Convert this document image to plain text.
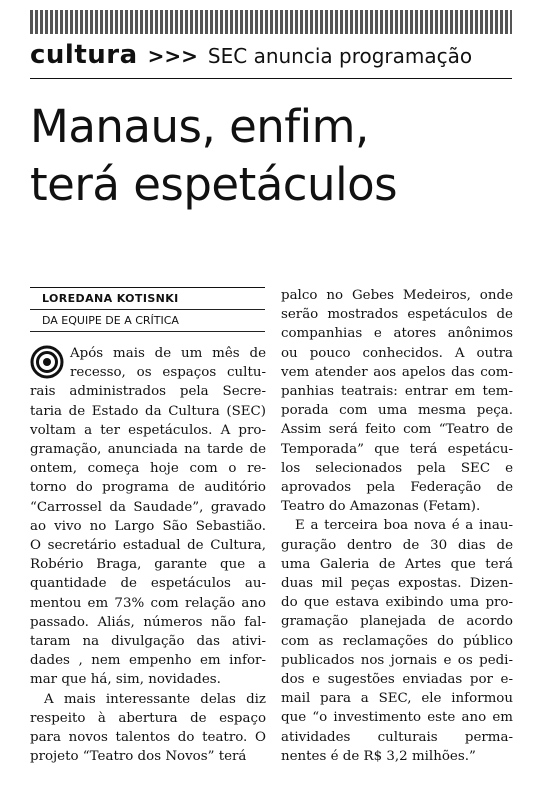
cultura >>> SEC anuncia programação
Manaus, enfim,
terá espetáculos
LOREDANA KOTISNKI
DA EQUIPE DE A CRÍTICA
Após mais de um mês de
recesso, os espaços cultu-
rais administrados pela Secre-
taria de Estado da Cultura (SEC)
voltam a ter espetáculos. A pro-
gramação, anunciada na tarde de
ontem, começa hoje com o re-
torno do programa de auditório
“Carrossel da Saudade”, gravado
ao vivo no Largo São Sebastião.
O secretário estadual de Cultura,
Robério Braga, garante que a
quantidade de espetáculos au-
mentou em 73% com relação ano
passado. Aliás, números não fal-
taram na divulgação das ativi-
dades , nem empenho em infor-
mar que há, sim, novidades.
A mais interessante delas diz
respeito à abertura de espaço
para novos talentos do teatro. O
projeto “Teatro dos Novos” terá
palco no Gebes Medeiros, onde
serão mostrados espetáculos de
companhias e atores anônimos
ou pouco conhecidos. A outra
vem atender aos apelos das com-
panhias teatrais: entrar em tem-
porada com uma mesma peça.
Assim será feito com “Teatro de
Temporada” que terá espetácu-
los selecionados pela SEC e
aprovados pela Federação de
Teatro do Amazonas (Fetam).
E a terceira boa nova é a inau-
guração dentro de 30 dias de
uma Galeria de Artes que terá
duas mil peças expostas. Dizen-
do que estava exibindo uma pro-
gramação planejada de acordo
com as reclamações do público
publicados nos jornais e os pedi-
dos e sugestões enviadas por e-
mail para a SEC, ele informou
que “o investimento este ano em
atividades culturais perma-
nentes é de R$ 3,2 milhões.”
